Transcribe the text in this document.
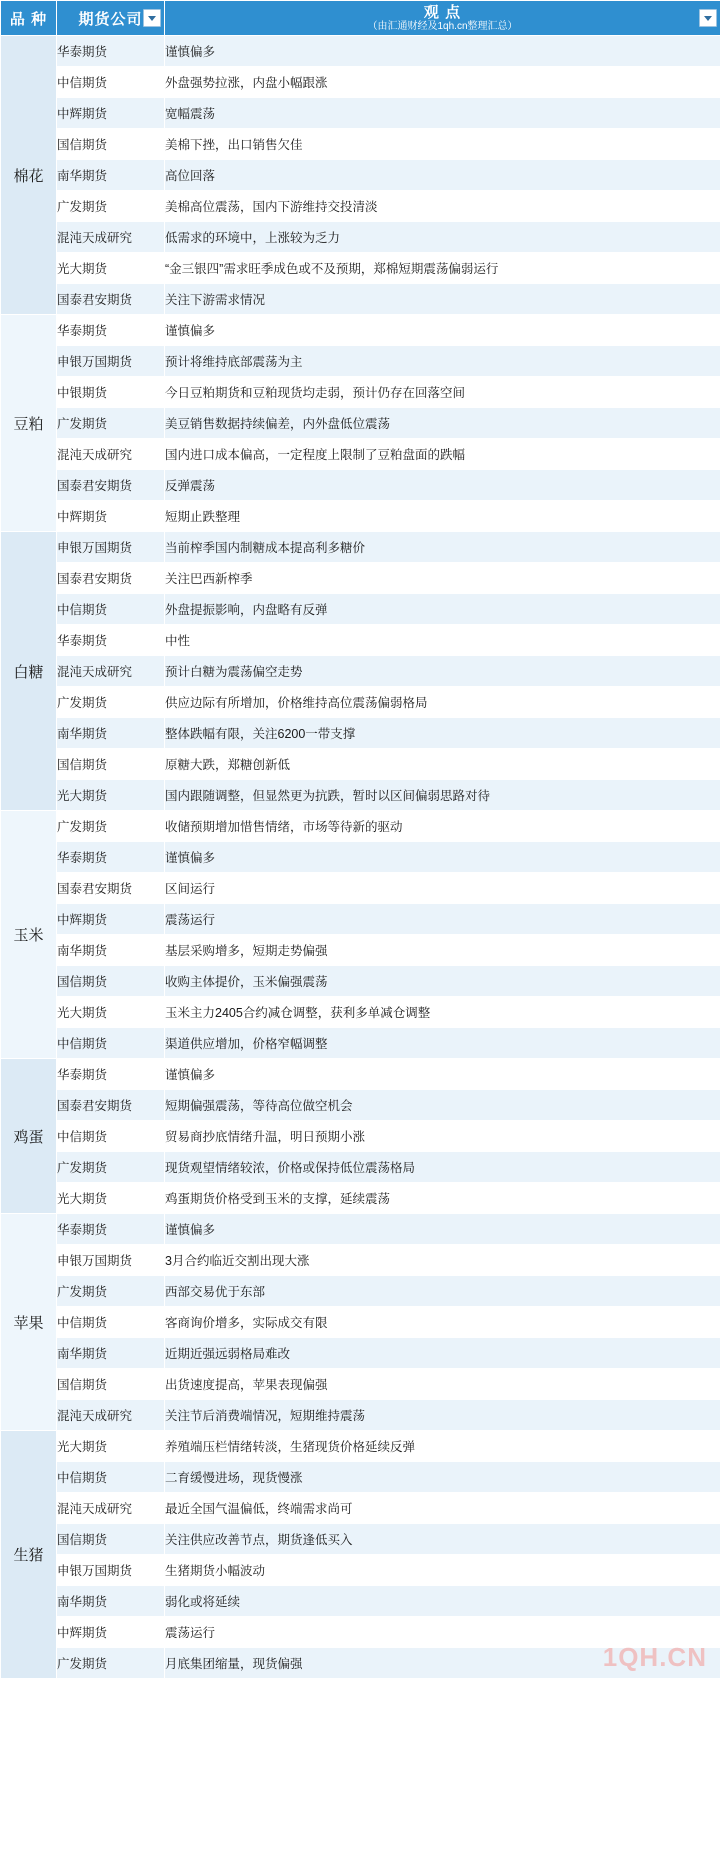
品 种	期货公司	观 点
（由汇通财经及1qh.cn整理汇总）

棉花	华泰期货	谨慎偏多
	中信期货	外盘强势拉涨，内盘小幅跟涨
	中辉期货	宽幅震荡
	国信期货	美棉下挫，出口销售欠佳
	南华期货	高位回落
	广发期货	美棉高位震荡，国内下游维持交投清淡
	混沌天成研究	低需求的环境中，上涨较为乏力
	光大期货	“金三银四”需求旺季成色或不及预期，郑棉短期震荡偏弱运行
	国泰君安期货	关注下游需求情况
豆粕	华泰期货	谨慎偏多
	申银万国期货	预计将维持底部震荡为主
	中银期货	今日豆粕期货和豆粕现货均走弱，预计仍存在回落空间
	广发期货	美豆销售数据持续偏差，内外盘低位震荡
	混沌天成研究	国内进口成本偏高，一定程度上限制了豆粕盘面的跌幅
	国泰君安期货	反弹震荡
	中辉期货	短期止跌整理
白糖	申银万国期货	当前榨季国内制糖成本提高利多糖价
	国泰君安期货	关注巴西新榨季
	中信期货	外盘提振影响，内盘略有反弹
	华泰期货	中性
	混沌天成研究	预计白糖为震荡偏空走势
	广发期货	供应边际有所增加，价格维持高位震荡偏弱格局
	南华期货	整体跌幅有限，关注6200一带支撑
	国信期货	原糖大跌，郑糖创新低
	光大期货	国内跟随调整，但显然更为抗跌，暂时以区间偏弱思路对待
玉米	广发期货	收储预期增加惜售情绪，市场等待新的驱动
	华泰期货	谨慎偏多
	国泰君安期货	区间运行
	中辉期货	震荡运行
	南华期货	基层采购增多，短期走势偏强
	国信期货	收购主体提价，玉米偏强震荡
	光大期货	玉米主力2405合约减仓调整，获利多单减仓调整
	中信期货	渠道供应增加，价格窄幅调整
鸡蛋	华泰期货	谨慎偏多
	国泰君安期货	短期偏强震荡，等待高位做空机会
	中信期货	贸易商抄底情绪升温，明日预期小涨
	广发期货	现货观望情绪较浓，价格或保持低位震荡格局
	光大期货	鸡蛋期货价格受到玉米的支撑，延续震荡
苹果	华泰期货	谨慎偏多
	申银万国期货	3月合约临近交割出现大涨
	广发期货	西部交易优于东部
	中信期货	客商询价增多，实际成交有限
	南华期货	近期近强远弱格局难改
	国信期货	出货速度提高，苹果表现偏强
	混沌天成研究	关注节后消费端情况，短期维持震荡
生猪	光大期货	养殖端压栏情绪转淡，生猪现货价格延续反弹
	中信期货	二育缓慢进场，现货慢涨
	混沌天成研究	最近全国气温偏低，终端需求尚可
	国信期货	关注供应改善节点，期货逢低买入
	申银万国期货	生猪期货小幅波动
	南华期货	弱化或将延续
	中辉期货	震荡运行
	广发期货	月底集团缩量，现货偏强	1QH.CN
